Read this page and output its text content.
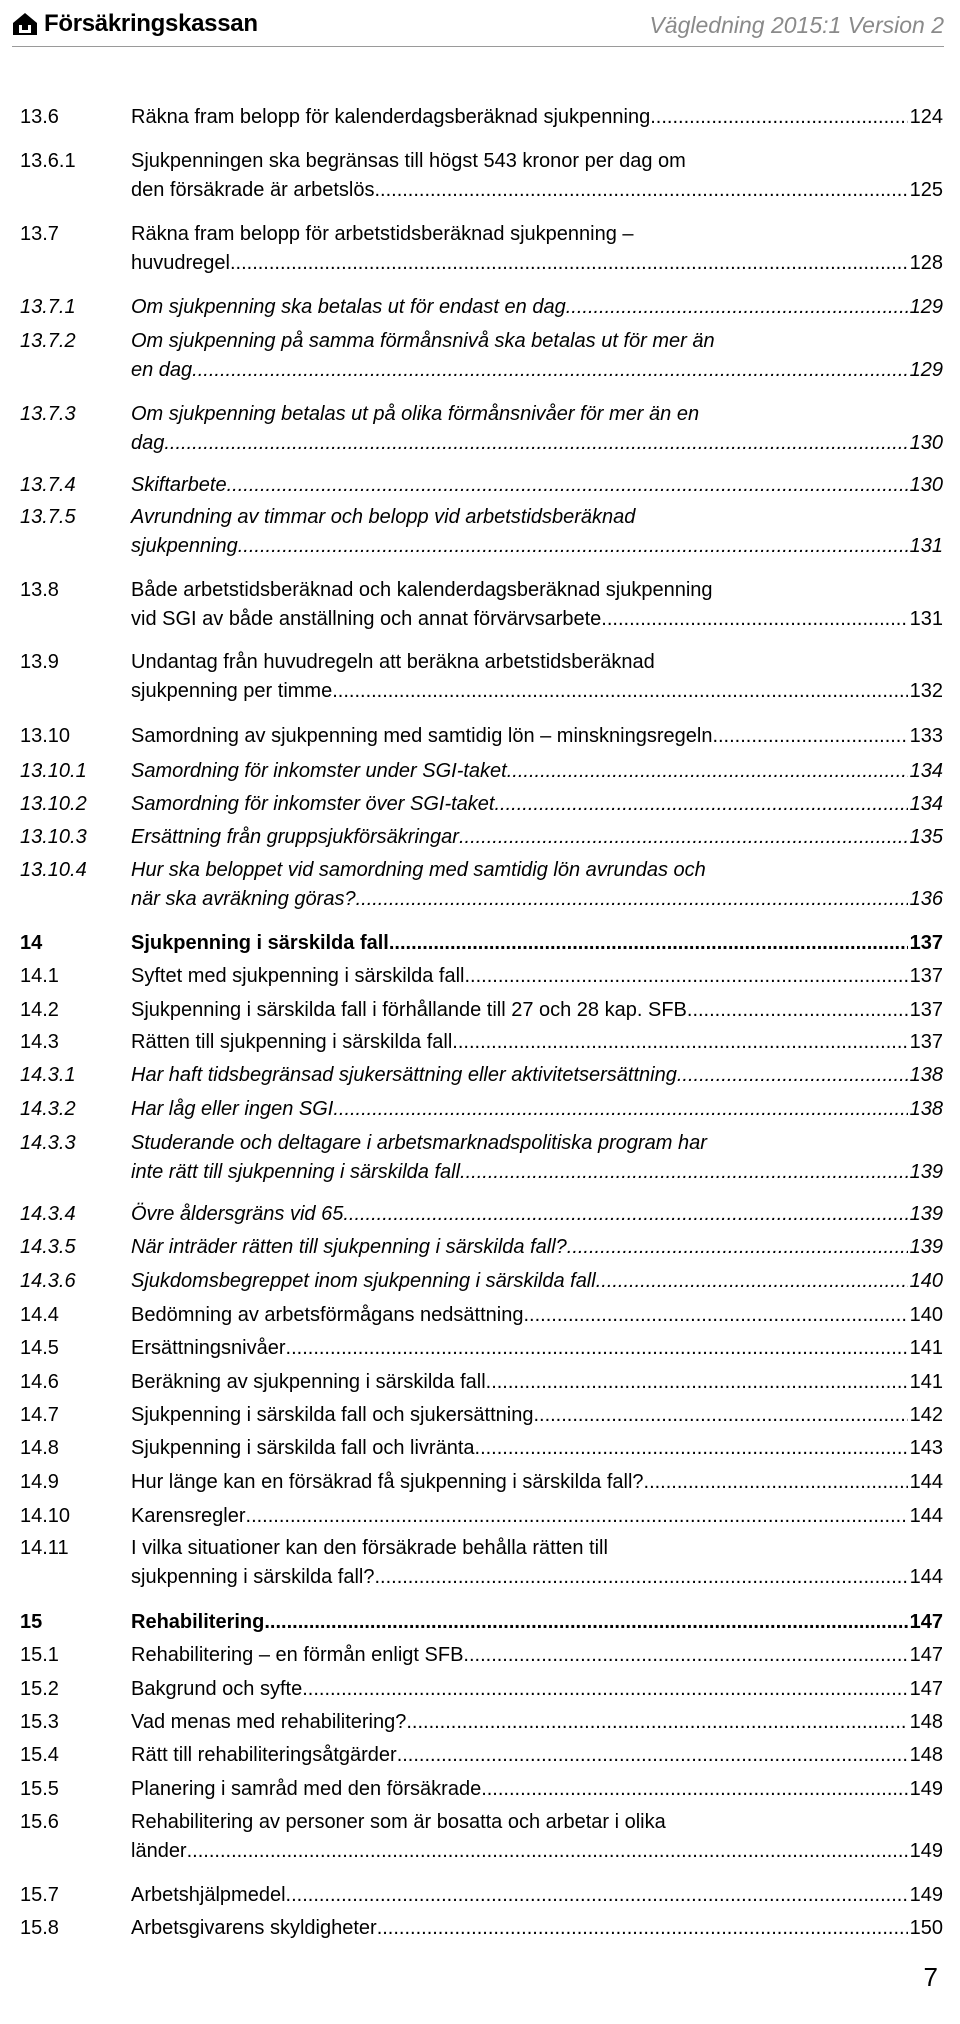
Försäkringskassan	Vägledning 2015:1 Version 2
13.6	Räkna fram belopp för kalenderdagsberäknad sjukpenning .....	124
13.6.1	Sjukpenningen ska begränsas till högst 543 kronor per dag om
den försäkrade är arbetslös .....	125
13.7	Räkna fram belopp för arbetstidsberäknad sjukpenning –
huvudregel .....	128
13.7.1	Om sjukpenning ska betalas ut för endast en dag .....	129
13.7.2	Om sjukpenning på samma förmånsnivå ska betalas ut för mer än
en dag .....	129
13.7.3	Om sjukpenning betalas ut på olika förmånsnivåer för mer än en
dag .....	130
13.7.4	Skiftarbete .....	130
13.7.5	Avrundning av timmar och belopp vid arbetstidsberäknad
sjukpenning .....	131
13.8	Både arbetstidsberäknad och kalenderdagsberäknad sjukpenning
vid SGI av både anställning och annat förvärvsarbete .....	131
13.9	Undantag från huvudregeln att beräkna arbetstidsberäknad
sjukpenning per timme. .....	132
13.10	Samordning av sjukpenning med samtidig lön – minskningsregeln .....	133
13.10.1 Samordning för inkomster under SGI-taket .....	134
13.10.2 Samordning för inkomster över SGI-taket .....	134
13.10.3 Ersättning från gruppsjukförsäkringar .....	135
13.10.4 Hur ska beloppet vid samordning med samtidig lön avrundas och
när ska avräkning göras? .....	136
14	Sjukpenning i särskilda fall .....	137
14.1	Syftet med sjukpenning i särskilda fall .....	137
14.2	Sjukpenning i särskilda fall i förhållande till 27 och 28 kap. SFB. .....	137
14.3	Rätten till sjukpenning i särskilda fall .....	137
14.3.1	Har haft tidsbegränsad sjukersättning eller aktivitetsersättning .....	138
14.3.2	Har låg eller ingen SGI .....	138
14.3.3	Studerande och deltagare i arbetsmarknadspolitiska program har
inte rätt till sjukpenning i särskilda fall .....	139
14.3.4	Övre åldersgräns vid 65 .....	139
14.3.5	När inträder rätten till sjukpenning i särskilda fall? .....	139
14.3.6	Sjukdomsbegreppet inom sjukpenning i särskilda fall .....	140
14.4	Bedömning av arbetsförmågans nedsättning .....	140
14.5	Ersättningsnivåer .....	141
14.6	Beräkning av sjukpenning i särskilda fall .....	141
14.7	Sjukpenning i särskilda fall och sjukersättning .....	142
14.8	Sjukpenning i särskilda fall och livränta .....	143
14.9	Hur länge kan en försäkrad få sjukpenning i särskilda fall? .....	144
14.10	Karensregler .....	144
14.11	I vilka situationer kan den försäkrade behålla rätten till
sjukpenning i särskilda fall? .....	144
15	Rehabilitering .....	147
15.1	Rehabilitering – en förmån enligt SFB .....	147
15.2	Bakgrund och syfte .....	147
15.3	Vad menas med rehabilitering? .....	148
15.4	Rätt till rehabiliteringsåtgärder .....	148
15.5	Planering i samråd med den försäkrade .....	149
15.6	Rehabilitering av personer som är bosatta och arbetar i olika
länder .....	149
15.7	Arbetshjälpmedel .....	149
15.8	Arbetsgivarens skyldigheter .....	150
7
